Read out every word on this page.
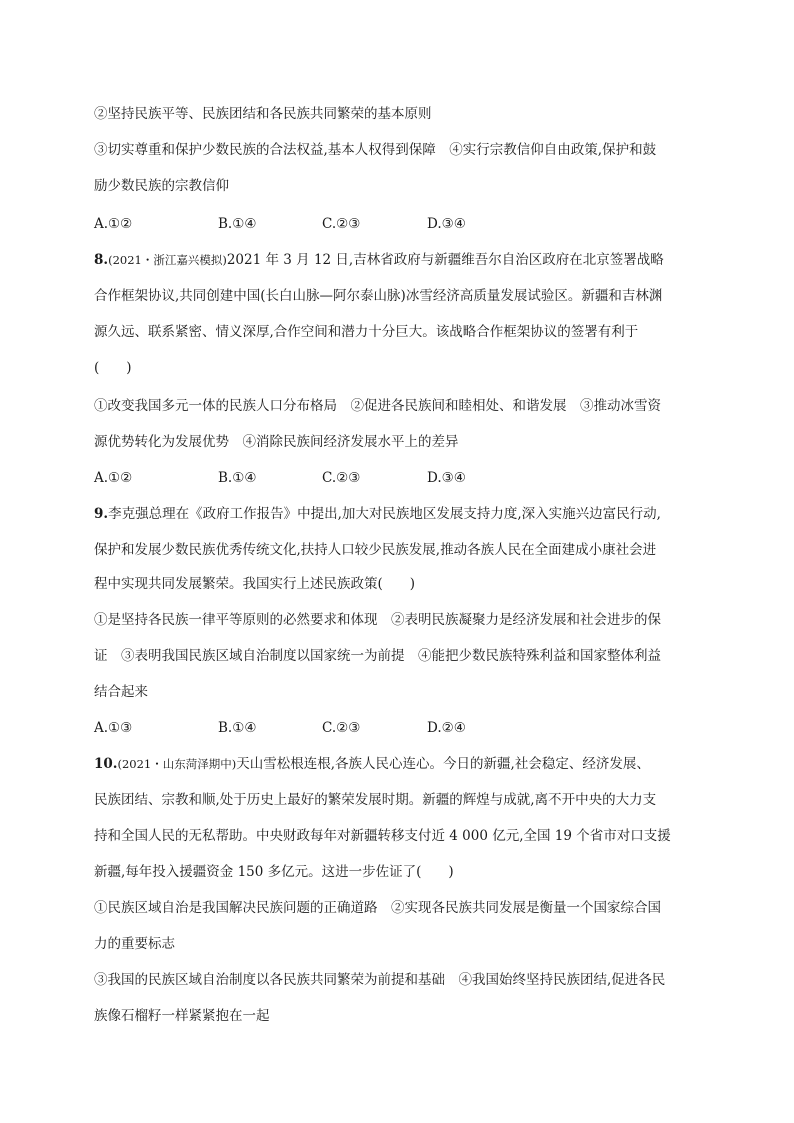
②坚持民族平等、民族团结和各民族共同繁荣的基本原则
③切实尊重和保护少数民族的合法权益,基本人权得到保障　④实行宗教信仰自由政策,保护和鼓
励少数民族的宗教信仰
A.①②	B.①④	C.②③	D.③④
8.(2021・浙江嘉兴模拟)2021 年 3 月 12 日,吉林省政府与新疆维吾尔自治区政府在北京签署战略
合作框架协议,共同创建中国(长白山脉—阿尔泰山脉)冰雪经济高质量发展试验区。新疆和吉林渊
源久远、联系紧密、情义深厚,合作空间和潜力十分巨大。该战略合作框架协议的签署有利于
(　　)
①改变我国多元一体的民族人口分布格局　②促进各民族间和睦相处、和谐发展　③推动冰雪资
源优势转化为发展优势　④消除民族间经济发展水平上的差异
A.①②	B.①④	C.②③	D.③④
9.李克强总理在《政府工作报告》中提出,加大对民族地区发展支持力度,深入实施兴边富民行动,
保护和发展少数民族优秀传统文化,扶持人口较少民族发展,推动各族人民在全面建成小康社会进
程中实现共同发展繁荣。我国实行上述民族政策(　　)
①是坚持各民族一律平等原则的必然要求和体现　②表明民族凝聚力是经济发展和社会进步的保
证　③表明我国民族区域自治制度以国家统一为前提　④能把少数民族特殊利益和国家整体利益
结合起来
A.①③	B.①④	C.②③	D.②④
10.(2021・山东菏泽期中)天山雪松根连根,各族人民心连心。今日的新疆,社会稳定、经济发展、
民族团结、宗教和顺,处于历史上最好的繁荣发展时期。新疆的辉煌与成就,离不开中央的大力支
持和全国人民的无私帮助。中央财政每年对新疆转移支付近 4 000 亿元,全国 19 个省市对口支援
新疆,每年投入援疆资金 150 多亿元。这进一步佐证了(　　)
①民族区域自治是我国解决民族问题的正确道路　②实现各民族共同发展是衡量一个国家综合国
力的重要标志
③我国的民族区域自治制度以各民族共同繁荣为前提和基础　④我国始终坚持民族团结,促进各民
族像石榴籽一样紧紧抱在一起
